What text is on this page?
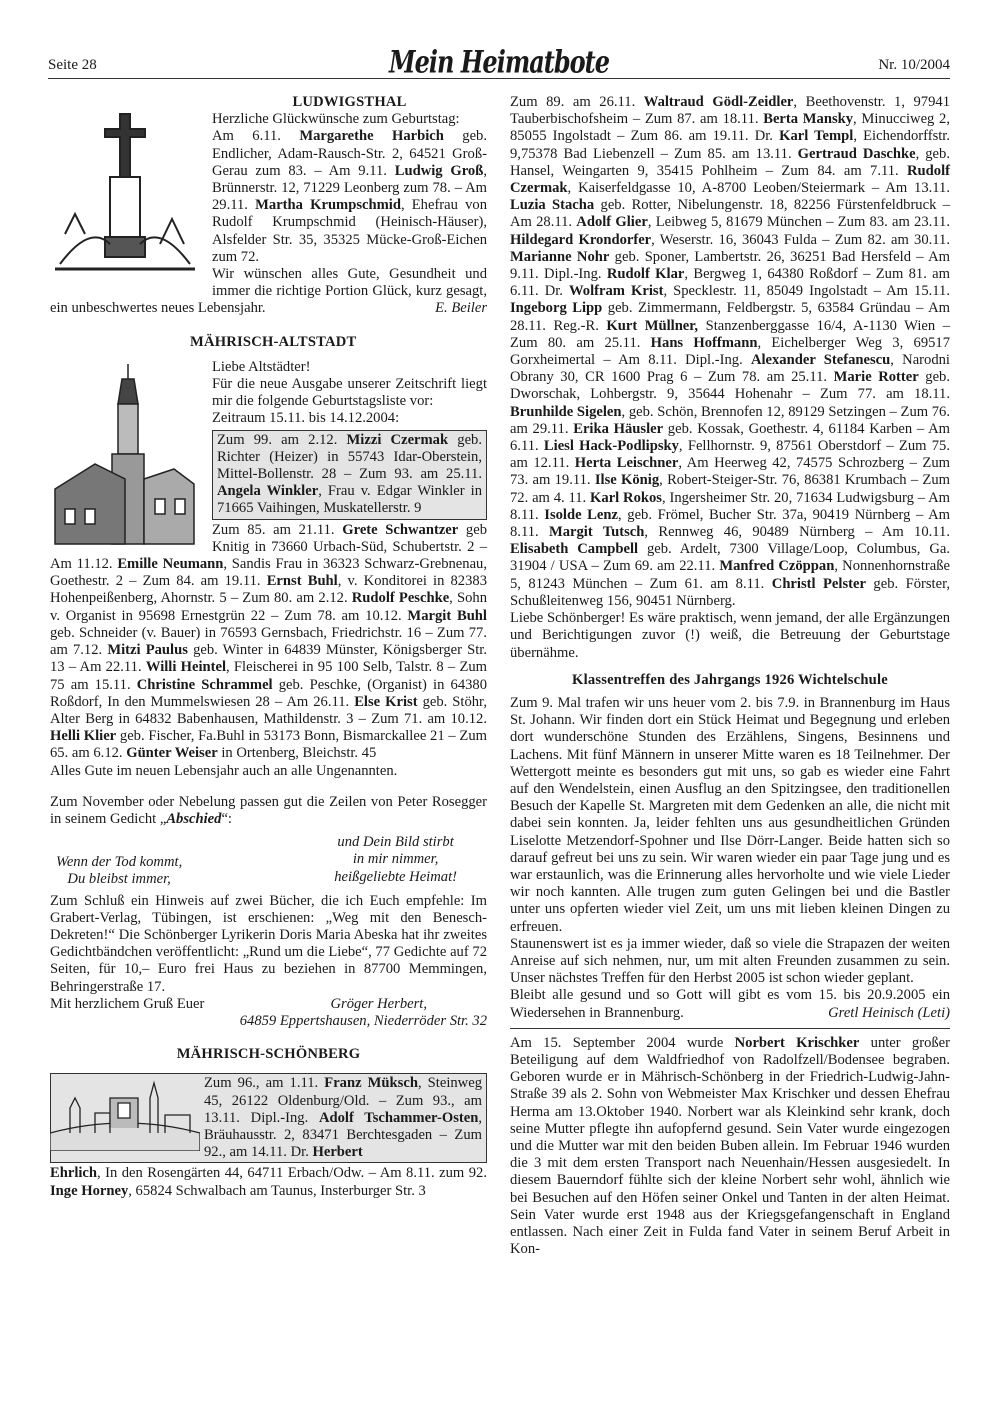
Seite 28	Mein Heimatbote	Nr. 10/2004
LUDWIGSTHAL

Herzliche Glückwünsche zum Geburtstag:

Am 6.11. Margarethe Harbich geb. Endlicher, Adam-Rausch-Str. 2, 64521 Groß-Gerau zum 83. – Am 9.11. Ludwig Groß, Brünnerstr. 12, 71229 Leonberg zum 78. – Am 29.11. Martha Krumpschmid, Ehefrau von Rudolf Krumpschmid (Heinisch-Häuser), Alsfelder Str. 35, 35325 Mücke-Groß-Eichen zum 72.

Wir wünschen alles Gute, Gesundheit und immer die richtige Portion Glück, kurz gesagt, ein unbeschwertes neues Lebensjahr.	E. Beiler

MÄHRISCH-ALTSTADT

Liebe Altstädter!

Für die neue Ausgabe unserer Zeitschrift liegt mir die folgende Geburtstagsliste vor:

Zeitraum 15.11. bis 14.12.2004:

Zum 99. am 2.12. Mizzi Czermak geb. Richter (Heizer) in 55743 Idar-Oberstein, Mittel-Bollenstr. 28 – Zum 93. am 25.11. Angela Winkler, Frau v. Edgar Winkler in 71665 Vaihingen, Muskatellerstr. 9

Zum 85. am 21.11. Grete Schwantzer geb Knitig in 73660 Urbach-Süd, Schubertstr. 2 – Am 11.12. Emille Neumann, Sandis Frau in 36323 Schwarz-Grebnenau, Goethestr. 2 – Zum 84. am 19.11. Ernst Buhl, v. Konditorei in 82383 Hohenpeißenberg, Ahornstr. 5 – Zum 80. am 2.12. Rudolf Peschke, Sohn v. Organist in 95698 Ernestgrün 22 – Zum 78. am 10.12. Margit Buhl geb. Schneider (v. Bauer) in 76593 Gernsbach, Friedrichstr. 16 – Zum 77. am 7.12. Mitzi Paulus geb. Winter in 64839 Münster, Königsberger Str. 13 – Am 22.11. Willi Heintel, Fleischerei in 95 100 Selb, Talstr. 8 – Zum 75 am 15.11. Christine Schrammel geb. Peschke, (Organist) in 64380 Roßdorf, In den Mummelswiesen 28 – Am 26.11. Else Krist geb. Stöhr, Alter Berg in 64832 Babenhausen, Mathildenstr. 3 – Zum 71. am 10.12. Helli Klier geb. Fischer, Fa.Buhl in 53173 Bonn, Bismarckallee 21 – Zum 65. am 6.12. Günter Weiser in Ortenberg, Bleichstr. 45

Alles Gute im neuen Lebensjahr auch an alle Ungenannten.

Zum November oder Nebelung passen gut die Zeilen von Peter Rosegger in seinem Gedicht „Abschied“:

Wenn der Tod kommt,
Du bleibst immer,
und Dein Bild stirbt
in mir nimmer,
heißgeliebte Heimat!

Zum Schluß ein Hinweis auf zwei Bücher, die ich Euch empfehle: Im Grabert-Verlag, Tübingen, ist erschienen: „Weg mit den Benesch-Dekreten!“ Die Schönberger Lyrikerin Doris Maria Abeska hat ihr zweites Gedichtbändchen veröffentlicht: „Rund um die Liebe“, 77 Gedichte auf 72 Seiten, für 10,– Euro frei Haus zu beziehen in 87700 Memmingen, Behringerstraße 17.

Mit herzlichem Gruß Euer	Gröger Herbert,

64859 Eppertshausen, Niederröder Str. 32

MÄHRISCH-SCHÖNBERG
Zum 96., am 1.11. Franz Müksch, Steinweg 45, 26122 Oldenburg/Old. – Zum 93., am 13.11. Dipl.-Ing. Adolf Tschammer-Osten, Bräuhausstr. 2, 83471 Berchtesgaden – Zum 92., am 14.11. Dr. Herbert

Ehrlich, In den Rosengärten 44, 64711 Erbach/Odw. – Am 8.11. zum 92. Inge Horney, 65824 Schwalbach am Taunus, Insterburger Str. 3

Zum 89. am 26.11. Waltraud Gödl-Zeidler, Beethovenstr. 1, 97941 Tauberbischofsheim – Zum 87. am 18.11. Berta Mansky, Minucciweg 2, 85055 Ingolstadt – Zum 86. am 19.11. Dr. Karl Templ, Eichendorffstr. 9,75378 Bad Liebenzell – Zum 85. am 13.11. Gertraud Daschke, geb. Hansel, Weingarten 9, 35415 Pohlheim – Zum 84. am 7.11. Rudolf Czermak, Kaiserfeldgasse 10, A-8700 Leoben/Steiermark – Am 13.11. Luzia Stacha geb. Rotter, Nibelungenstr. 18, 82256 Fürstenfeldbruck – Am 28.11. Adolf Glier, Leibweg 5, 81679 München – Zum 83. am 23.11. Hildegard Krondorfer, Weserstr. 16, 36043 Fulda – Zum 82. am 30.11. Marianne Nohr geb. Sponer, Lambertstr. 26, 36251 Bad Hersfeld – Am 9.11. Dipl.-Ing. Rudolf Klar, Bergweg 1, 64380 Roßdorf – Zum 81. am 6.11. Dr. Wolfram Krist, Specklestr. 11, 85049 Ingolstadt – Am 15.11. Ingeborg Lipp geb. Zimmermann, Feldbergstr. 5, 63584 Gründau – Am 28.11. Reg.-R. Kurt Müllner, Stanzenberggasse 16/4, A-1130 Wien – Zum 80. am 25.11. Hans Hoffmann, Eichelberger Weg 3, 69517 Gorxheimertal – Am 8.11. Dipl.-Ing. Alexander Stefanescu, Narodni Obrany 30, CR 1600 Prag 6 – Zum 78. am 25.11. Marie Rotter geb. Dworschak, Lohbergstr. 9, 35644 Hohenahr – Zum 77. am 18.11. Brunhilde Sigelen, geb. Schön, Brennofen 12, 89129 Setzingen – Zum 76. am 29.11. Erika Häusler geb. Kossak, Goethestr. 4, 61184 Karben – Am 6.11. Liesl Hack-Podlipsky, Fellhornstr. 9, 87561 Oberstdorf – Zum 75. am 12.11. Herta Leischner, Am Heerweg 42, 74575 Schrozberg – Zum 73. am 19.11. Ilse König, Robert-Steiger-Str. 76, 86381 Krumbach – Zum 72. am 4. 11. Karl Rokos, Ingersheimer Str. 20, 71634 Ludwigsburg – Am 8.11. Isolde Lenz, geb. Frömel, Bucher Str. 37a, 90419 Nürnberg – Am 8.11. Margit Tutsch, Rennweg 46, 90489 Nürnberg – Am 10.11. Elisabeth Campbell geb. Ardelt, 7300 Village/Loop, Columbus, Ga. 31904 / USA – Zum 69. am 22.11. Manfred Czöppan, Nonnenhornstraße 5, 81243 München – Zum 61. am 8.11. Christl Pelster geb. Förster, Schußleitenweg 156, 90451 Nürnberg.

Liebe Schönberger! Es wäre praktisch, wenn jemand, der alle Ergänzungen und Berichtigungen zuvor (!) weiß, die Betreuung der Geburtstage übernähme.

Klassentreffen des Jahrgangs 1926 Wichtelschule

Zum 9. Mal trafen wir uns heuer vom 2. bis 7.9. in Brannenburg im Haus St. Johann. Wir finden dort ein Stück Heimat und Begegnung und erleben dort wunderschöne Stunden des Erzählens, Singens, Besinnens und Lachens. Mit fünf Männern in unserer Mitte waren es 18 Teilnehmer. Der Wettergott meinte es besonders gut mit uns, so gab es wieder eine Fahrt auf den Wendelstein, einen Ausflug an den Spitzingsee, den traditionellen Besuch der Kapelle St. Margreten mit dem Gedenken an alle, die nicht mit dabei sein konnten. Ja, leider fehlten uns aus gesundheitlichen Gründen Liselotte Metzendorf-Spohner und Ilse Dörr-Langer. Beide hatten sich so darauf gefreut bei uns zu sein. Wir waren wieder ein paar Tage jung und es war erstaunlich, was die Erinnerung alles hervorholte und wie viele Lieder wir noch kannten. Alle trugen zum guten Gelingen bei und die Bastler unter uns opferten wieder viel Zeit, um uns mit lieben kleinen Dingen zu erfreuen.

Staunenswert ist es ja immer wieder, daß so viele die Strapazen der weiten Anreise auf sich nehmen, nur, um mit alten Freunden zusammen zu sein. Unser nächstes Treffen für den Herbst 2005 ist schon wieder geplant.

Bleibt alle gesund und so Gott will gibt es vom 15. bis 20.9.2005 ein Wiedersehen in Brannenburg.	Gretl Heinisch (Leti)

Am 15. September 2004 wurde Norbert Krischker unter großer Beteiligung auf dem Waldfriedhof von Radolfzell/Bodensee begraben. Geboren wurde er in Mährisch-Schönberg in der Friedrich-Ludwig-Jahn-Straße 39 als 2. Sohn von Webmeister Max Krischker und dessen Ehefrau Herma am 13.Oktober 1940. Norbert war als Kleinkind sehr krank, doch seine Mutter pflegte ihn aufopfernd gesund. Sein Vater wurde eingezogen und die Mutter war mit den beiden Buben allein. Im Februar 1946 wurden die 3 mit dem ersten Transport nach Neuenhain/Hessen ausgesiedelt. In diesem Bauerndorf fühlte sich der kleine Norbert sehr wohl, ähnlich wie bei Besuchen auf den Höfen seiner Onkel und Tanten in der alten Heimat. Sein Vater wurde erst 1948 aus der Kriegsgefangenschaft in England entlassen. Nach einer Zeit in Fulda fand Vater in seinem Beruf Arbeit in Kon-
